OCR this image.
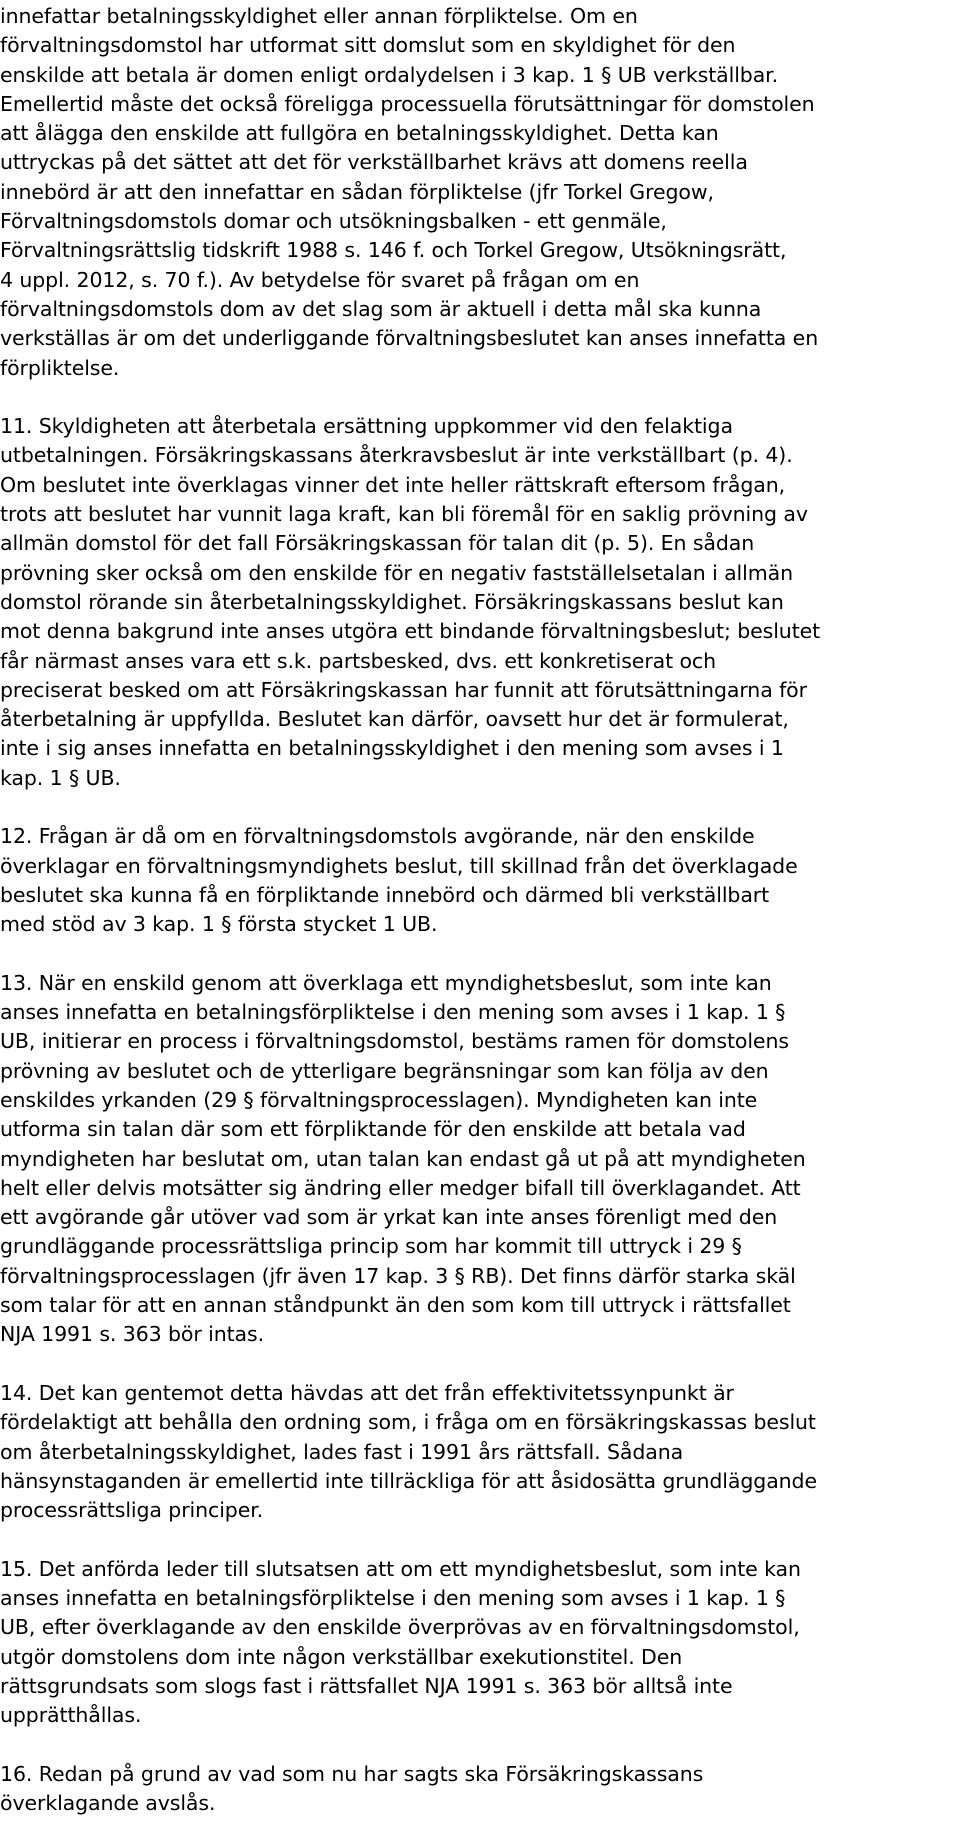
innefattar betalningsskyldighet eller annan förpliktelse. Om en
förvaltningsdomstol har utformat sitt domslut som en skyldighet för den
enskilde att betala är domen enligt ordalydelsen i 3 kap. 1 § UB verkställbar.
Emellertid måste det också föreligga processuella förutsättningar för domstolen
att ålägga den enskilde att fullgöra en betalningsskyldighet. Detta kan
uttryckas på det sättet att det för verkställbarhet krävs att domens reella
innebörd är att den innefattar en sådan förpliktelse (jfr Torkel Gregow,
Förvaltningsdomstols domar och utsökningsbalken - ett genmäle,
Förvaltningsrättslig tidskrift 1988 s. 146 f. och Torkel Gregow, Utsökningsrätt,
4 uppl. 2012, s. 70 f.). Av betydelse för svaret på frågan om en
förvaltningsdomstols dom av det slag som är aktuell i detta mål ska kunna
verkställas är om det underliggande förvaltningsbeslutet kan anses innefatta en
förpliktelse.
11. Skyldigheten att återbetala ersättning uppkommer vid den felaktiga
utbetalningen. Försäkringskassans återkravsbeslut är inte verkställbart (p. 4).
Om beslutet inte överklagas vinner det inte heller rättskraft eftersom frågan,
trots att beslutet har vunnit laga kraft, kan bli föremål för en saklig prövning av
allmän domstol för det fall Försäkringskassan för talan dit (p. 5). En sådan
prövning sker också om den enskilde för en negativ fastställelsetalan i allmän
domstol rörande sin återbetalningsskyldighet. Försäkringskassans beslut kan
mot denna bakgrund inte anses utgöra ett bindande förvaltningsbeslut; beslutet
får närmast anses vara ett s.k. partsbesked, dvs. ett konkretiserat och
preciserat besked om att Försäkringskassan har funnit att förutsättningarna för
återbetalning är uppfyllda. Beslutet kan därför, oavsett hur det är formulerat,
inte i sig anses innefatta en betalningsskyldighet i den mening som avses i 1
kap. 1 § UB.
12. Frågan är då om en förvaltningsdomstols avgörande, när den enskilde
överklagar en förvaltningsmyndighets beslut, till skillnad från det överklagade
beslutet ska kunna få en förpliktande innebörd och därmed bli verkställbart
med stöd av 3 kap. 1 § första stycket 1 UB.
13. När en enskild genom att överklaga ett myndighetsbeslut, som inte kan
anses innefatta en betalningsförpliktelse i den mening som avses i 1 kap. 1 §
UB, initierar en process i förvaltningsdomstol, bestäms ramen för domstolens
prövning av beslutet och de ytterligare begränsningar som kan följa av den
enskildes yrkanden (29 § förvaltningsprocesslagen). Myndigheten kan inte
utforma sin talan där som ett förpliktande för den enskilde att betala vad
myndigheten har beslutat om, utan talan kan endast gå ut på att myndigheten
helt eller delvis motsätter sig ändring eller medger bifall till överklagandet. Att
ett avgörande går utöver vad som är yrkat kan inte anses förenligt med den
grundläggande processrättsliga princip som har kommit till uttryck i 29 §
förvaltningsprocesslagen (jfr även 17 kap. 3 § RB). Det finns därför starka skäl
som talar för att en annan ståndpunkt än den som kom till uttryck i rättsfallet
NJA 1991 s. 363 bör intas.
14. Det kan gentemot detta hävdas att det från effektivitetssynpunkt är
fördelaktigt att behålla den ordning som, i fråga om en försäkringskassas beslut
om återbetalningsskyldighet, lades fast i 1991 års rättsfall. Sådana
hänsynstaganden är emellertid inte tillräckliga för att åsidosätta grundläggande
processrättsliga principer.
15. Det anförda leder till slutsatsen att om ett myndighetsbeslut, som inte kan
anses innefatta en betalningsförpliktelse i den mening som avses i 1 kap. 1 §
UB, efter överklagande av den enskilde överprövas av en förvaltningsdomstol,
utgör domstolens dom inte någon verkställbar exekutionstitel. Den
rättsgrundsats som slogs fast i rättsfallet NJA 1991 s. 363 bör alltså inte
upprätthållas.
16. Redan på grund av vad som nu har sagts ska Försäkringskassans
överklagande avslås.
